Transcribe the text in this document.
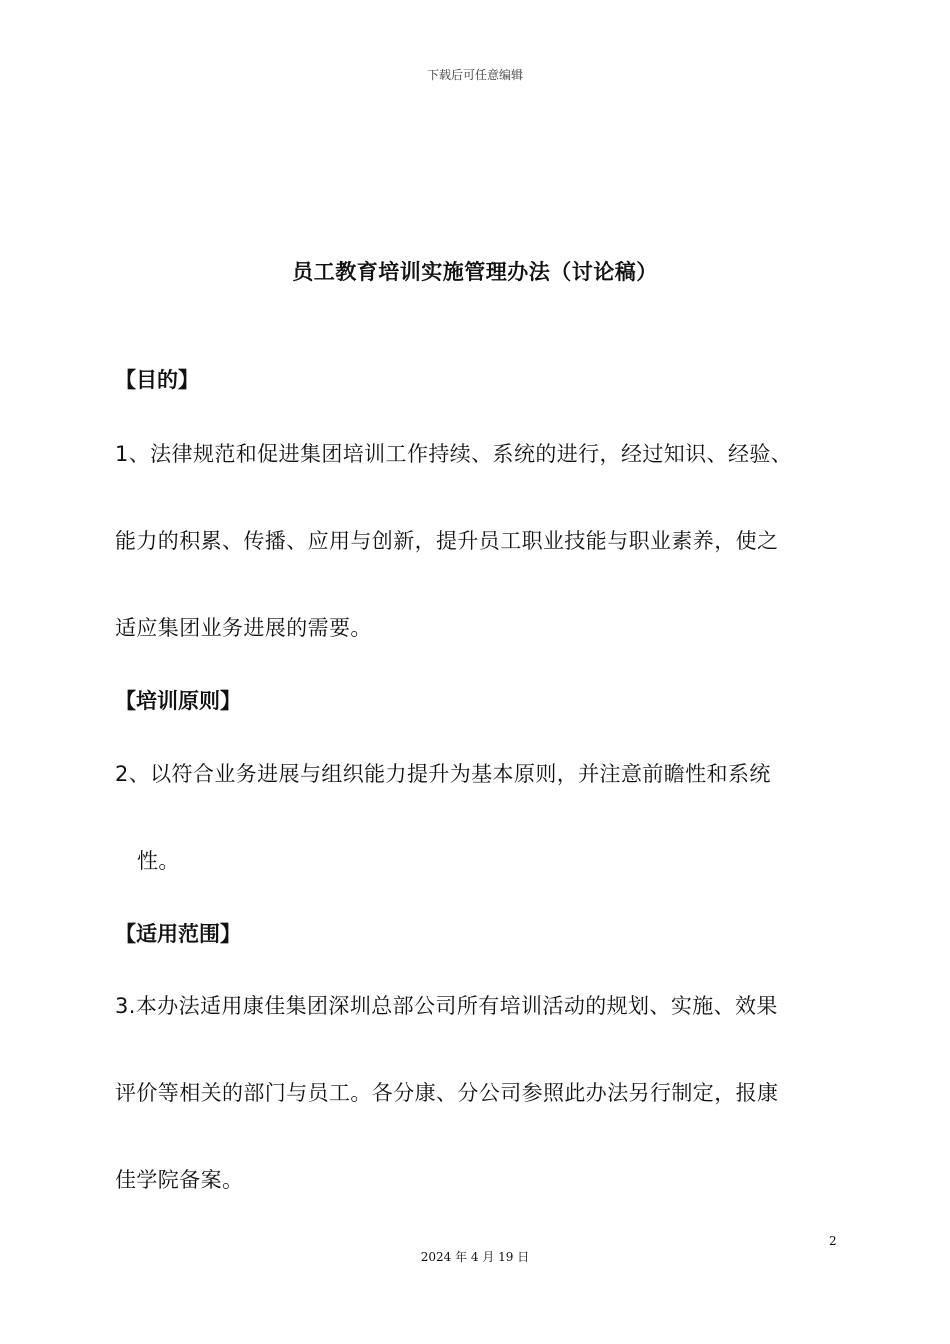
下载后可任意编辑
员工教育培训实施管理办法（讨论稿）
【目的】
1、法律规范和促进集团培训工作持续、系统的进行，经过知识、经验、
能力的积累、传播、应用与创新，提升员工职业技能与职业素养，使之
适应集团业务进展的需要。
【培训原则】
2、以符合业务进展与组织能力提升为基本原则，并注意前瞻性和系统
性。
【适用范围】
3.本办法适用康佳集团深圳总部公司所有培训活动的规划、实施、效果
评价等相关的部门与员工。各分康、分公司参照此办法另行制定，报康
佳学院备案。
2
2024 年 4 月 19 日
